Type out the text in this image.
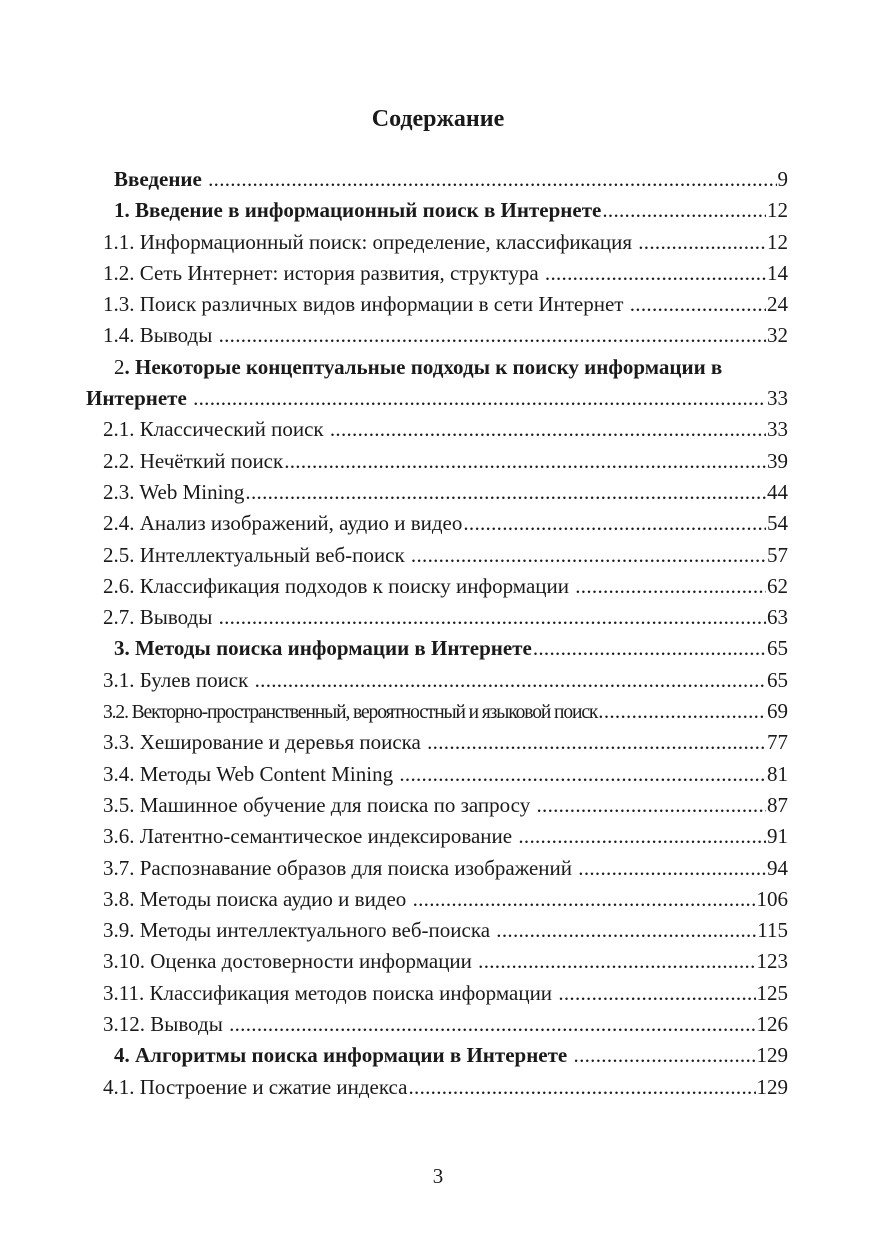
Содержание
Введение .....	9
1. Введение в информационный поиск в Интернете .....	12
1.1. Информационный поиск: определение, классификация .....	12
1.2. Сеть Интернет: история развития, структура .....	14
1.3. Поиск различных видов информации в сети Интернет .....	24
1.4. Выводы .....	32
2 . Некоторые концептуальные подходы к поиску информации в
Интернете .....	33
2.1. Классический поиск .....	33
2.2. Нечёткий поиск .....	39
2.3. Web Mining .....	44
2.4. Анализ изображений, аудио и видео .....	54
2.5. Интеллектуальный веб-поиск .....	57
2.6. Классификация подходов к поиску информации .....	62
2.7. Выводы .....	63
3. Методы поиска информации в Интернете .....	65
3.1. Булев поиск .....	65
3.2. Векторно-пространственный, вероятностный и языковой поиск .....	69
3.3. Хеширование и деревья поиска .....	77
3.4. Методы Web Content Mining .....	81
3.5. Машинное обучение для поиска по запросу .....	87
3.6. Латентно-семантическое индексирование .....	91
3.7. Распознавание образов для поиска изображений .....	94
3.8. Методы поиска аудио и видео .....	106
3.9. Методы интеллектуального веб-поиска .....	115
3.10. Оценка достоверности информации .....	123
3.11. Классификация методов поиска информации .....	125
3.12. Выводы .....	126
4. Алгоритмы поиска информации в Интернете .....	129
4.1. Построение и сжатие индекса .....	129
3
